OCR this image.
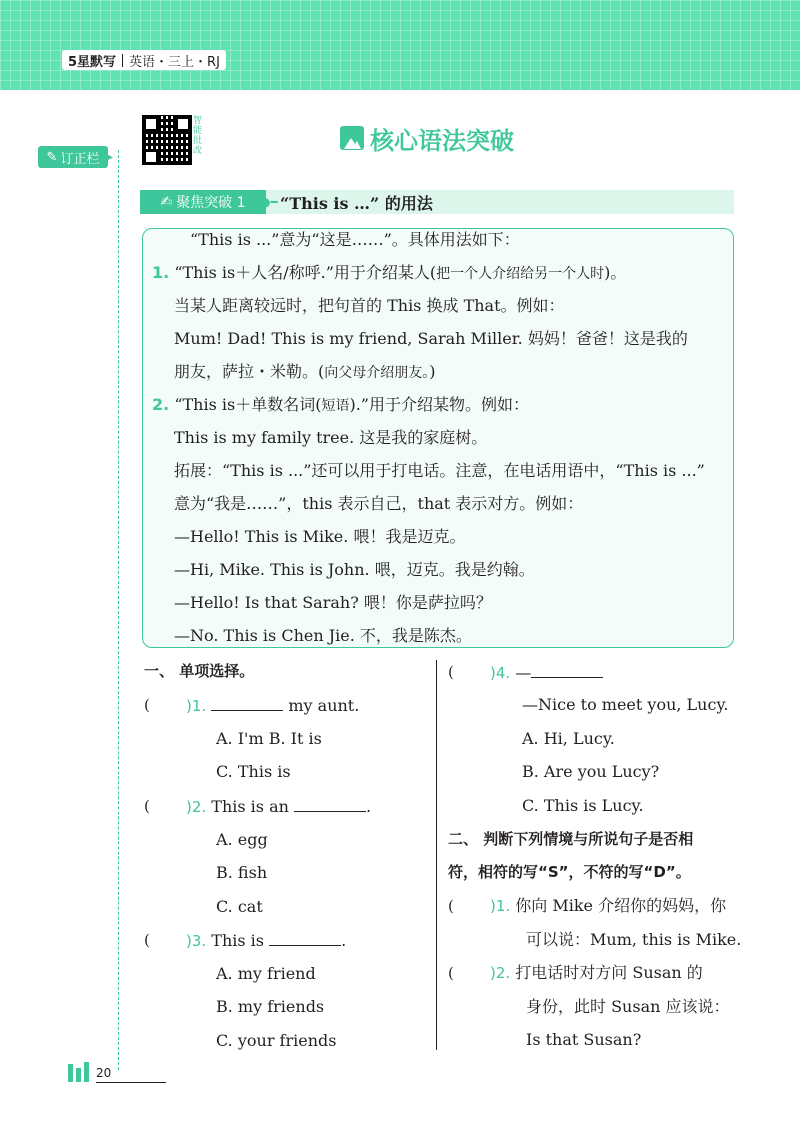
5星默写 英语・三上・RJ
✎ 订正栏 ▸
智能批改	核心语法突破
✍ 聚焦突破 1 ●━ “This is …” 的用法
“This is ...”意为“这是……”。具体用法如下：
1. “This is＋人名/称呼.”用于介绍某人(把一个人介绍给另一个人时)。
当某人距离较远时，把句首的 This 换成 That。例如：
Mum! Dad! This is my friend, Sarah Miller. 妈妈！爸爸！这是我的
朋友，萨拉・米勒。(向父母介绍朋友。)
2. “This is＋单数名词(短语).”用于介绍某物。例如：
This is my family tree. 这是我的家庭树。
拓展：“This is ...”还可以用于打电话。注意，在电话用语中，“This is ...”
意为“我是……”，this 表示自己，that 表示对方。例如：
—Hello! This is Mike. 喂！我是迈克。
—Hi, Mike. This is John. 喂，迈克。我是约翰。
—Hello! Is that Sarah? 喂！你是萨拉吗？
—No. This is Chen Jie. 不，我是陈杰。
一、 单项选择。
( )1.	my aunt.
A. I'm B. It is
C. This is
( )2. This is an	.
A. egg
B. fish
C. cat
( )3. This is	.
A. my friend
B. my friends
C. your friends
( )4. —
—Nice to meet you, Lucy.
A. Hi, Lucy.
B. Are you Lucy?
C. This is Lucy.
二、 判断下列情境与所说句子是否相
符，相符的写“S”，不符的写“D”。
( )1. 你向 Mike 介绍你的妈妈，你
可以说：Mum, this is Mike.
( )2. 打电话时对方问 Susan 的
身份，此时 Susan 应该说：
Is that Susan?
20
